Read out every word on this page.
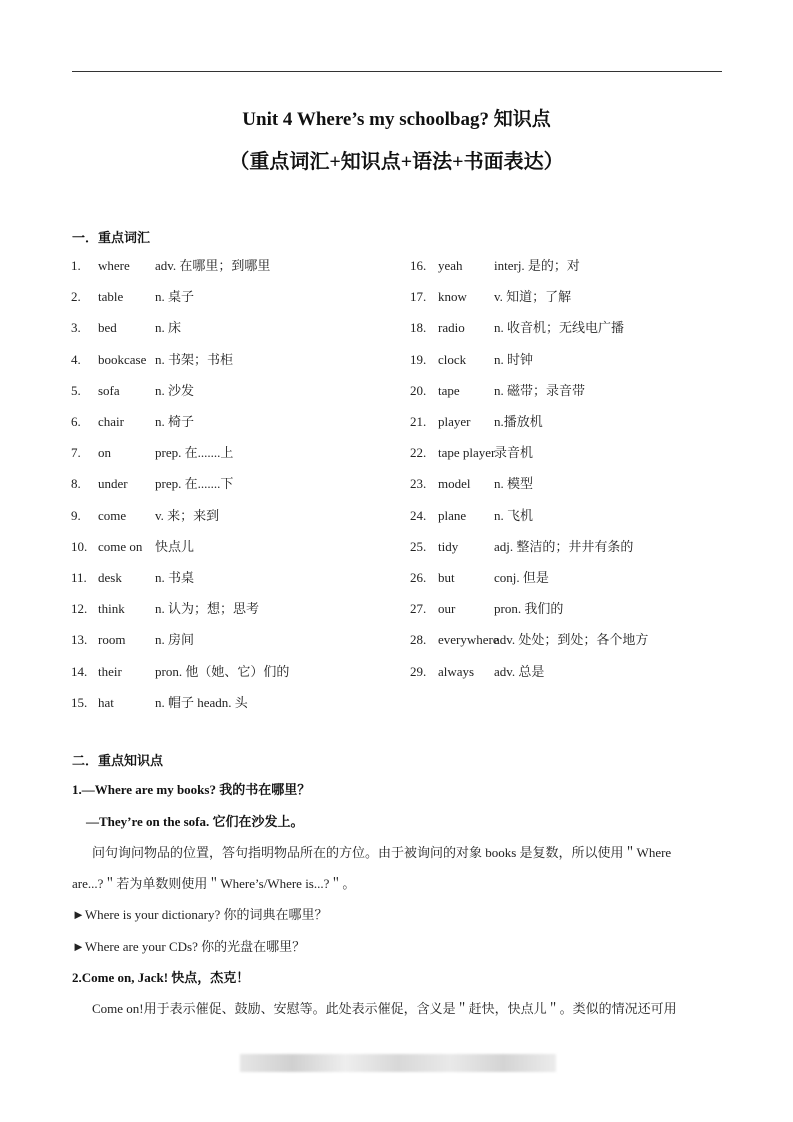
Unit 4 Where’s my schoolbag? 知识点
（重点词汇+知识点+语法+书面表达）
一．重点词汇
1. where adv. 在哪里；到哪里
2. table n. 桌子
3. bed	n. 床
4. bookcase n. 书架；书柜
5. sofa	n. 沙发
6. chair n. 椅子
7. on	prep. 在.......上
8. under prep. 在.......下
9. come v. 来；来到
10. come on 快点儿
11. desk	n. 书桌
12. think n. 认为；想；思考
13. room n. 房间
14. their	pron. 他（她、它）们的
15. hat	n. 帽子 headn. 头
16. yeah interj. 是的；对
17. know v. 知道；了解
18. radio n. 收音机；无线电广播
19. clock n. 时钟
20. tape	n. 磁带；录音带
21. player n.播放机
22. tape player
录音机
23. model n. 模型
24. plane n. 飞机
25. tidy	adj. 整洁的；井井有条的
26. but	conj. 但是
27. our	pron. 我们的
28. everywhere
adv. 处处；到处；各个地方
29. always adv. 总是
二．重点知识点
1.—Where are my books? 我的书在哪里？
—They’re on the sofa. 它们在沙发上。
问句询问物品的位置，答句指明物品所在的方位。由于被询问的对象 books 是复数，所以使用＂Where
are...?＂若为单数则使用＂Where’s/Where is...?＂。
►Where is your dictionary? 你的词典在哪里？
►Where are your CDs? 你的光盘在哪里？
2.Come on, Jack! 快点，杰克！
Come on!用于表示催促、鼓励、安慰等。此处表示催促，含义是＂赶快，快点儿＂。类似的情况还可用
